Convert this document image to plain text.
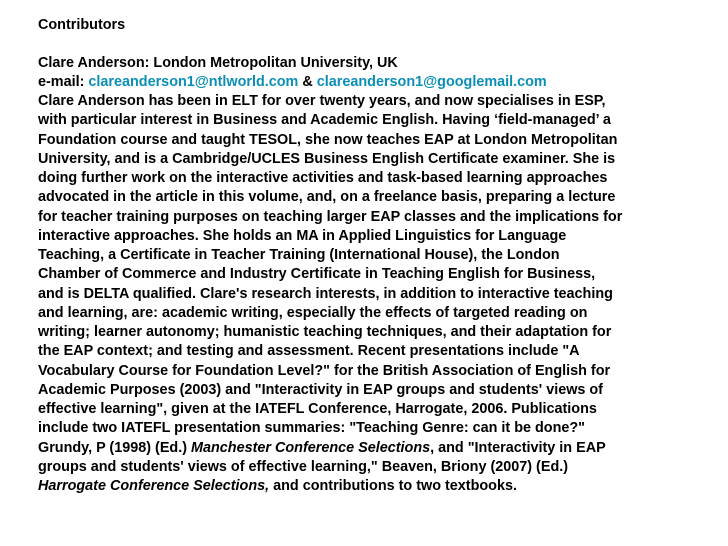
Contributors
Clare Anderson: London Metropolitan University, UK
e-mail: clareanderson1@ntlworld.com & clareanderson1@googlemail.com
Clare Anderson has been in ELT for over twenty years, and now specialises in ESP,
with particular interest in Business and Academic English. Having ‘field-managed’ a
Foundation course and taught TESOL, she now teaches EAP at London Metropolitan
University, and is a Cambridge/UCLES Business English Certificate examiner. She is
doing further work on the interactive activities and task-based learning approaches
advocated in the article in this volume, and, on a freelance basis, preparing a lecture
for teacher training purposes on teaching larger EAP classes and the implications for
interactive approaches. She holds an MA in Applied Linguistics for Language
Teaching, a Certificate in Teacher Training (International House), the London
Chamber of Commerce and Industry Certificate in Teaching English for Business,
and is DELTA qualified. Clare's research interests, in addition to interactive teaching
and learning, are: academic writing, especially the effects of targeted reading on
writing; learner autonomy; humanistic teaching techniques, and their adaptation for
the EAP context; and testing and assessment. Recent presentations include "A
Vocabulary Course for Foundation Level?" for the British Association of English for
Academic Purposes (2003) and "Interactivity in EAP groups and students' views of
effective learning", given at the IATEFL Conference, Harrogate, 2006. Publications
include two IATEFL presentation summaries: "Teaching Genre: can it be done?"
Grundy, P (1998) (Ed.) Manchester Conference Selections, and "Interactivity in EAP
groups and students' views of effective learning," Beaven, Briony (2007) (Ed.)
Harrogate Conference Selections, and contributions to two textbooks.
